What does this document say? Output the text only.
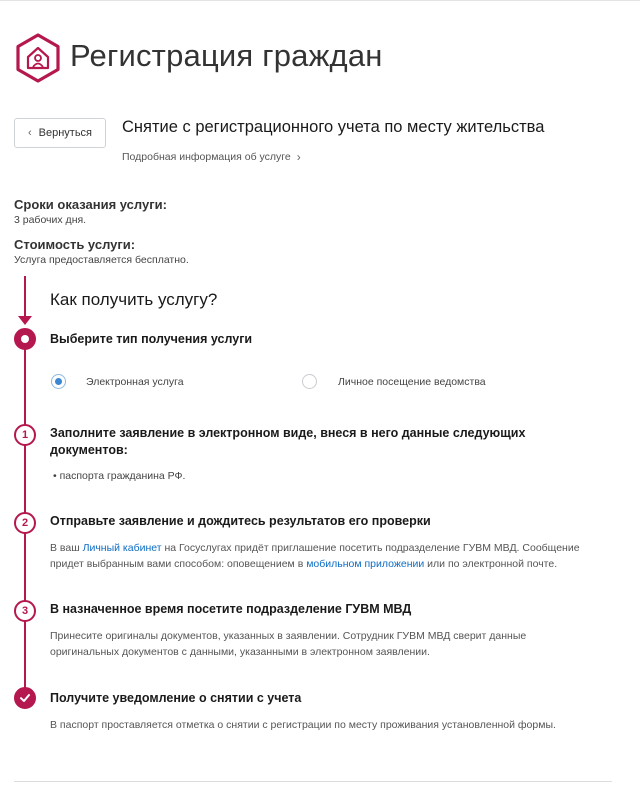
Регистрация граждан
‹ Вернуться Снятие с регистрационного учета по месту жительства
Подробная информация об услуге ›
Сроки оказания услуги:
3 рабочих дня.
Стоимость услуги:
Услуга предоставляется бесплатно.
Как получить услугу?
Выберите тип получения услуги
Электронная услуга	Личное посещение ведомства
1	Заполните заявление в электронном виде, внеся в него данные следующих
документов:
• паспорта гражданина РФ.
2	Отправьте заявление и дождитесь результатов его проверки
В ваш Личный кабинет на Госуслугах придёт приглашение посетить подразделение ГУВМ МВД. Сообщение
придет выбранным вами способом: оповещением в мобильном приложении или по электронной почте.
3	В назначенное время посетите подразделение ГУВМ МВД
Принесите оригиналы документов, указанных в заявлении. Сотрудник ГУВМ МВД сверит данные
оригинальных документов с данными, указанными в электронном заявлении.
Получите уведомление о снятии с учета
В паспорт проставляется отметка о снятии с регистрации по месту проживания установленной формы.
